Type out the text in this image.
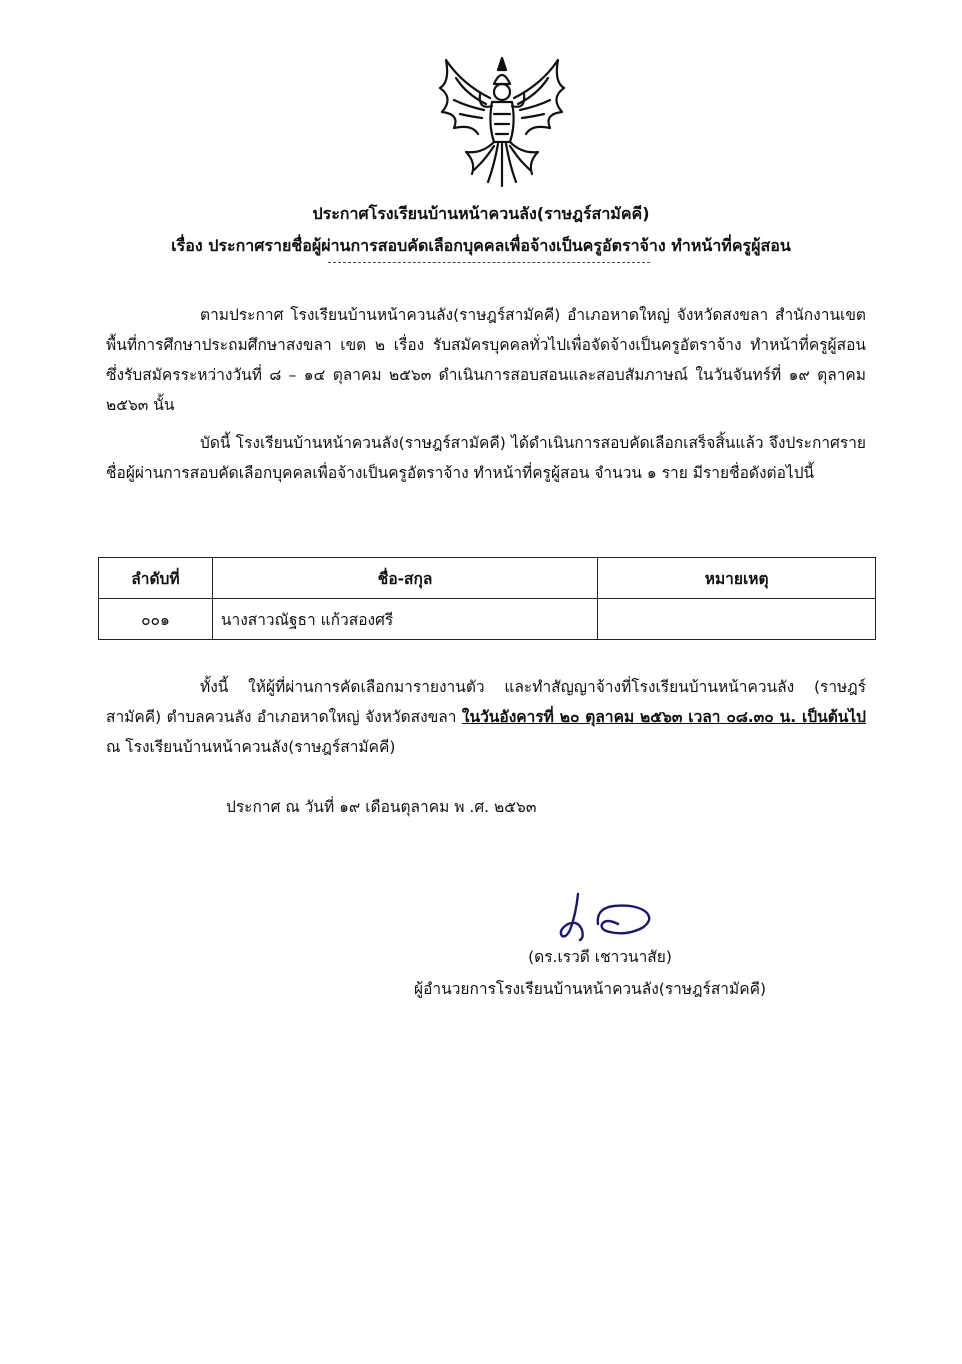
ประกาศโรงเรียนบ้านหน้าควนลัง(ราษฎร์สามัคคี)
เรื่อง ประกาศรายชื่อผู้ผ่านการสอบคัดเลือกบุคคลเพื่อจ้างเป็นครูอัตราจ้าง ทำหน้าที่ครูผู้สอน

ตามประกาศ โรงเรียนบ้านหน้าควนลัง(ราษฎร์สามัคคี) อำเภอหาดใหญ่ จังหวัดสงขลา สำนักงานเขตพื้นที่การศึกษาประถมศึกษาสงขลา เขต ๒ เรื่อง รับสมัครบุคคลทั่วไปเพื่อจัดจ้างเป็นครูอัตราจ้าง ทำหน้าที่ครูผู้สอน ซึ่งรับสมัครระหว่างวันที่ ๘ – ๑๔ ตุลาคม ๒๕๖๓ ดำเนินการสอบสอนและสอบสัมภาษณ์ ในวันจันทร์ที่ ๑๙ ตุลาคม ๒๕๖๓ นั้น

บัดนี้ โรงเรียนบ้านหน้าควนลัง(ราษฎร์สามัคคี) ได้ดำเนินการสอบคัดเลือกเสร็จสิ้นแล้ว จึงประกาศรายชื่อผู้ผ่านการสอบคัดเลือกบุคคลเพื่อจ้างเป็นครูอัตราจ้าง ทำหน้าที่ครูผู้สอน จำนวน ๑ ราย มีรายชื่อดังต่อไปนี้

ลำดับที่	ชื่อ-สกุล	หมายเหตุ
๐๐๑	นางสาวณัฐธา แก้วสองศรี	

ทั้งนี้ ให้ผู้ที่ผ่านการคัดเลือกมารายงานตัว และทำสัญญาจ้างที่โรงเรียนบ้านหน้าควนลัง (ราษฎร์สามัคคี) ตำบลควนลัง อำเภอหาดใหญ่ จังหวัดสงขลา ในวันอังคารที่ ๒๐ ตุลาคม ๒๕๖๓ เวลา ๐๘.๓๐ น. เป็นต้นไป ณ โรงเรียนบ้านหน้าควนลัง(ราษฎร์สามัคคี)

ประกาศ ณ วันที่ ๑๙ เดือนตุลาคม พ .ศ. ๒๕๖๓
(ดร.เรวดี เชาวนาสัย)
ผู้อำนวยการโรงเรียนบ้านหน้าควนลัง(ราษฎร์สามัคคี)
